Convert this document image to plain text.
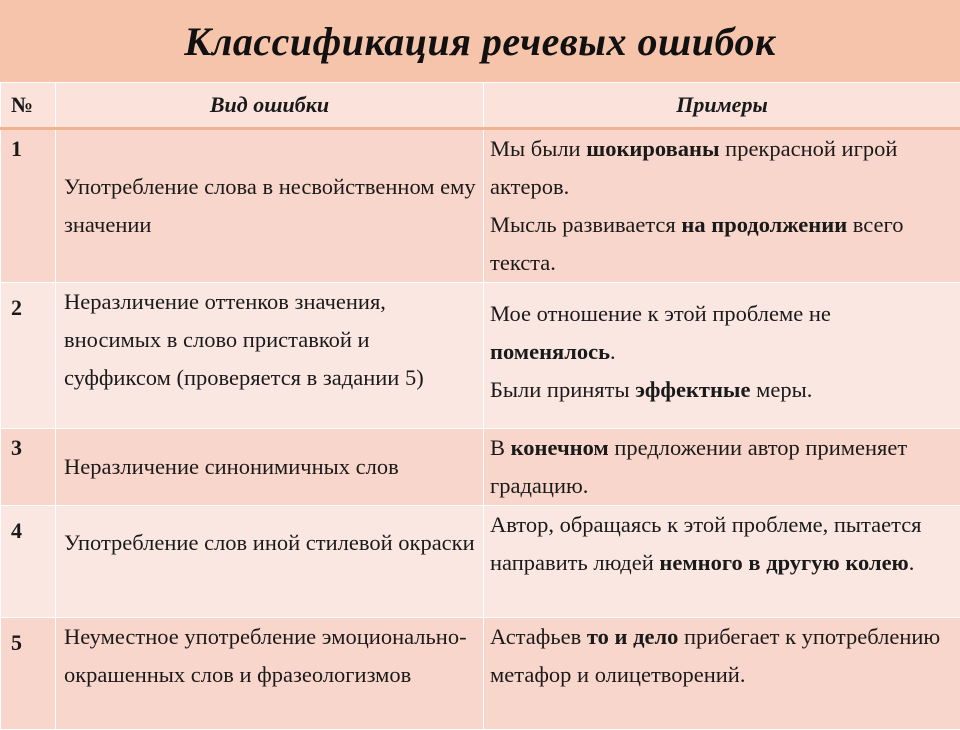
Классификация речевых ошибок
№	Вид ошибки	Примеры
1	Употребление слова в несвойственном ему значении	Мы были шокированы прекрасной игрой актеров.
Мысль развивается на продолжении всего текста.

2	Неразличение оттенков значения, вносимых в слово приставкой и суффиксом (проверяется в задании 5)	Мое отношение к этой проблеме не поменялось.
Были приняты эффектные меры.

3	Неразличение синонимичных слов	В конечном предложении автор применяет градацию.

4	Употребление слов иной стилевой окраски	Автор, обращаясь к этой проблеме, пытается направить людей немного в другую колею.

5	Неуместное употребление эмоционально-окрашенных слов и фразеологизмов	Астафьев то и дело прибегает к употреблению метафор и олицетворений.
